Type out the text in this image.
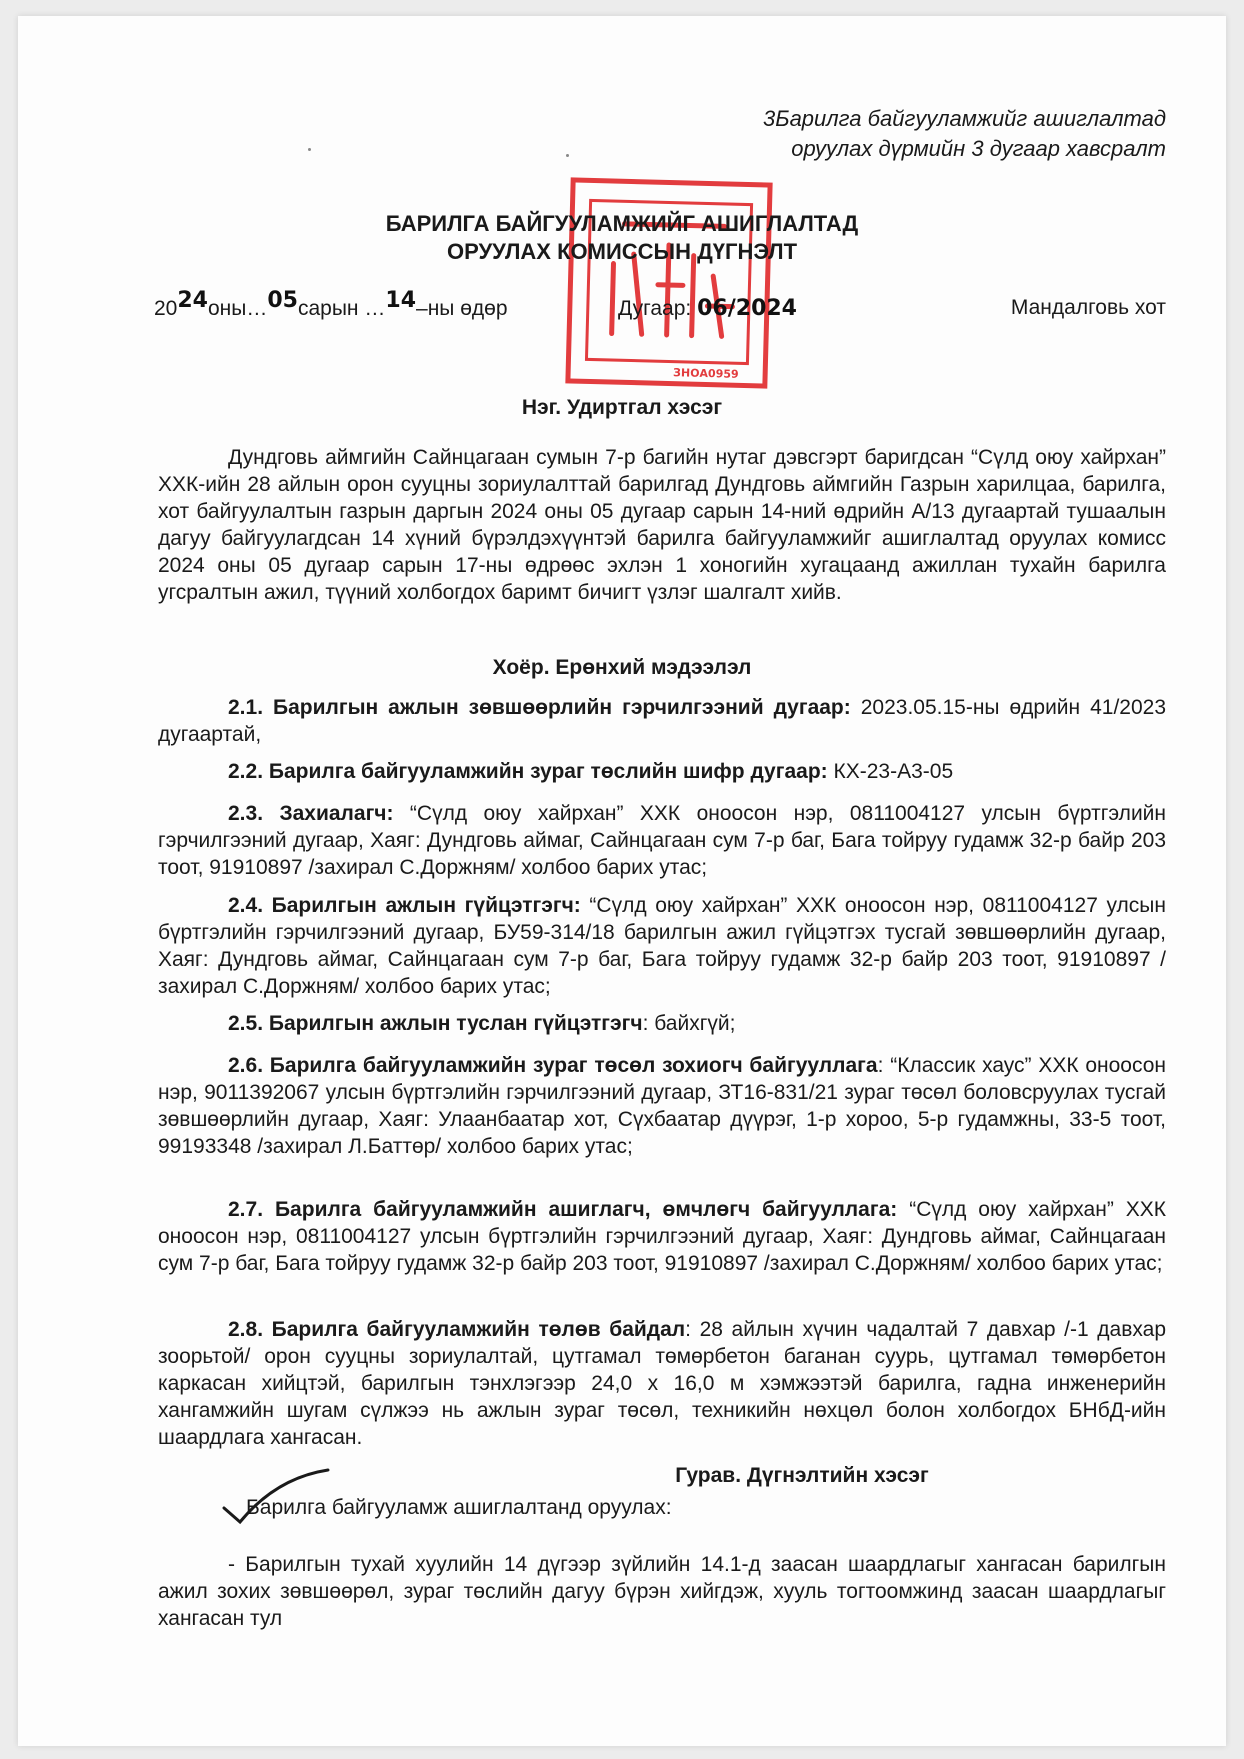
3Барилга байгууламжийг ашиглалтад
оруулах дүрмийн 3 дугаар хавсралт
ЗНОА0959
БАРИЛГА БАЙГУУЛАМЖИЙГ АШИГЛАЛТАД
ОРУУЛАХ КОМИССЫН ДҮГНЭЛТ
2024оны…05сарын …14–ны өдөр	Дугаар: 06/2024	Мандалговь хот
Нэг. Удиртгал хэсэг
Дундговь аймгийн Сайнцагаан сумын 7-р багийн нутаг дэвсгэрт баригдсан “Сүлд оюу хайрхан” ХХК-ийн 28 айлын орон сууцны зориулалттай барилгад Дундговь аймгийн Газрын харилцаа, барилга, хот байгуулалтын газрын даргын 2024 оны 05 дугаар сарын 14-ний өдрийн А/13 дугаартай тушаалын дагуу байгуулагдсан 14 хүний бүрэлдэхүүнтэй барилга байгууламжийг ашиглалтад оруулах комисс 2024 оны 05 дугаар сарын 17-ны өдрөөс эхлэн 1 хоногийн хугацаанд ажиллан тухайн барилга угсралтын ажил, түүний холбогдох баримт бичигт үзлэг шалгалт хийв.
Хоёр. Ерөнхий мэдээлэл
2.1. Барилгын ажлын зөвшөөрлийн гэрчилгээний дугаар: 2023.05.15-ны өдрийн 41/2023 дугаартай,
2.2. Барилга байгууламжийн зураг төслийн шифр дугаар: КХ-23-А3-05
2.3. Захиалагч: “Сүлд оюу хайрхан” ХХК оноосон нэр, 0811004127 улсын бүртгэлийн гэрчилгээний дугаар, Хаяг: Дундговь аймаг, Сайнцагаан сум 7-р баг, Бага тойруу гудамж 32-р байр 203 тоот, 91910897 /захирал С.Доржням/ холбоо барих утас;
2.4. Барилгын ажлын гүйцэтгэгч: “Сүлд оюу хайрхан” ХХК оноосон нэр, 0811004127 улсын бүртгэлийн гэрчилгээний дугаар, БУ59-314/18 барилгын ажил гүйцэтгэх тусгай зөвшөөрлийн дугаар, Хаяг: Дундговь аймаг, Сайнцагаан сум 7-р баг, Бага тойруу гудамж 32-р байр 203 тоот, 91910897 /захирал С.Доржням/ холбоо барих утас;
2.5. Барилгын ажлын туслан гүйцэтгэгч: байхгүй;
2.6. Барилга байгууламжийн зураг төсөл зохиогч байгууллага: “Классик хаус” ХХК оноосон нэр, 9011392067 улсын бүртгэлийн гэрчилгээний дугаар, ЗТ16-831/21 зураг төсөл боловсруулах тусгай зөвшөөрлийн дугаар, Хаяг: Улаанбаатар хот, Сүхбаатар дүүрэг, 1-р хороо, 5-р гудамжны, 33-5 тоот, 99193348 /захирал Л.Баттөр/ холбоо барих утас;
2.7. Барилга байгууламжийн ашиглагч, өмчлөгч байгууллага: “Сүлд оюу хайрхан” ХХК оноосон нэр, 0811004127 улсын бүртгэлийн гэрчилгээний дугаар, Хаяг: Дундговь аймаг, Сайнцагаан сум 7-р баг, Бага тойруу гудамж 32-р байр 203 тоот, 91910897 /захирал С.Доржням/ холбоо барих утас;
2.8. Барилга байгууламжийн төлөв байдал: 28 айлын хүчин чадалтай 7 давхар /-1 давхар зоорьтой/ орон сууцны зориулалтай, цутгамал төмөрбетон баганан суурь, цутгамал төмөрбетон каркасан хийцтэй, барилгын тэнхлэгээр 24,0 х 16,0 м хэмжээтэй барилга, гадна инженерийн хангамжийн шугам сүлжээ нь ажлын зураг төсөл, техникийн нөхцөл болон холбогдох БНбД-ийн шаардлага хангасан.
Гурав. Дүгнэлтийн хэсэг
Барилга байгууламж ашиглалтанд оруулах:
- Барилгын тухай хуулийн 14 дүгээр зүйлийн 14.1-д заасан шаардлагыг хангасан барилгын ажил зохих зөвшөөрөл, зураг төслийн дагуу бүрэн хийгдэж, хууль тогтоомжинд заасан шаардлагыг хангасан тул
